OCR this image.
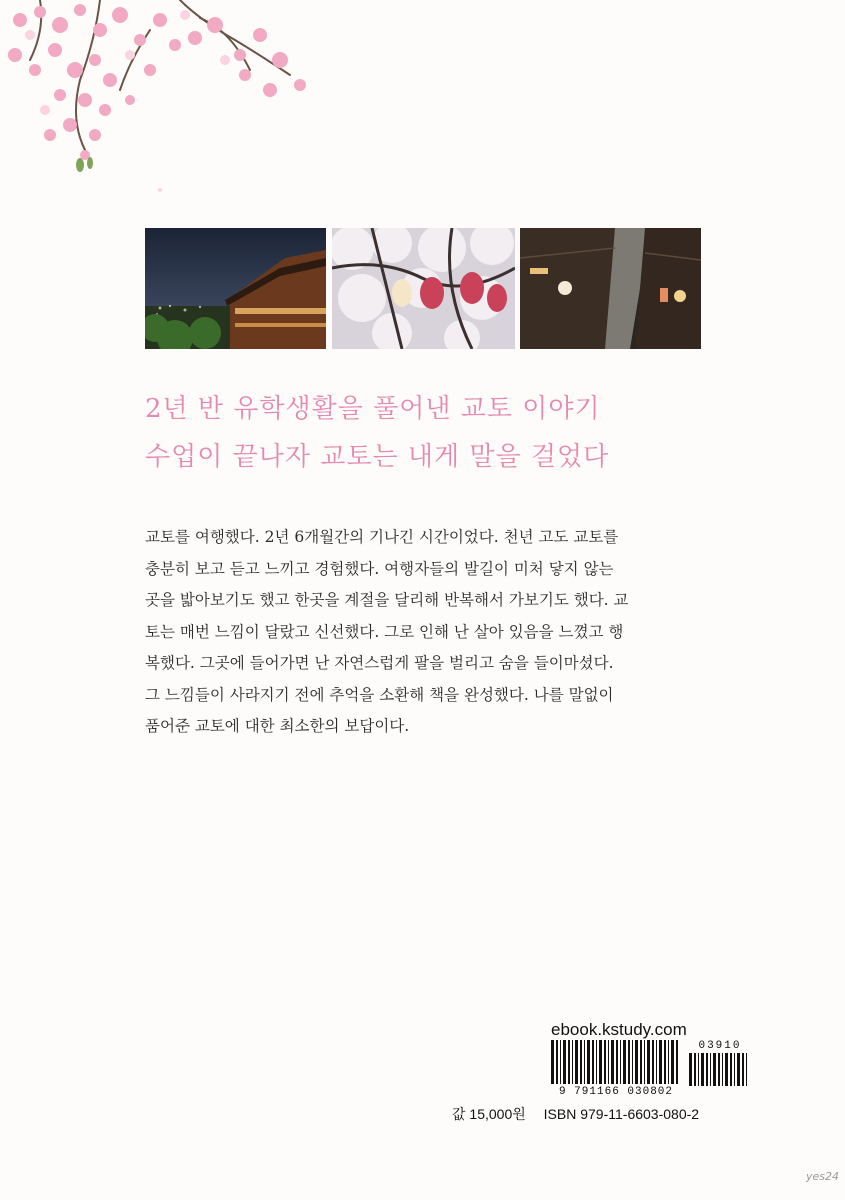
2년 반 유학생활을 풀어낸 교토 이야기
수업이 끝나자 교토는 내게 말을 걸었다
교토를 여행했다. 2년 6개월간의 기나긴 시간이었다. 천년 고도 교토를
충분히 보고 듣고 느끼고 경험했다. 여행자들의 발길이 미처 닿지 않는
곳을 밟아보기도 했고 한곳을 계절을 달리해 반복해서 가보기도 했다. 교
토는 매번 느낌이 달랐고 신선했다. 그로 인해 난 살아 있음을 느꼈고 행
복했다. 그곳에 들어가면 난 자연스럽게 팔을 벌리고 숨을 들이마셨다.
그 느낌들이 사라지기 전에 추억을 소환해 책을 완성했다. 나를 말없이
품어준 교토에 대한 최소한의 보답이다.
ebook.kstudy.com
9 791166 030802
03910
값 15,000원 ISBN 979-11-6603-080-2
yes24
